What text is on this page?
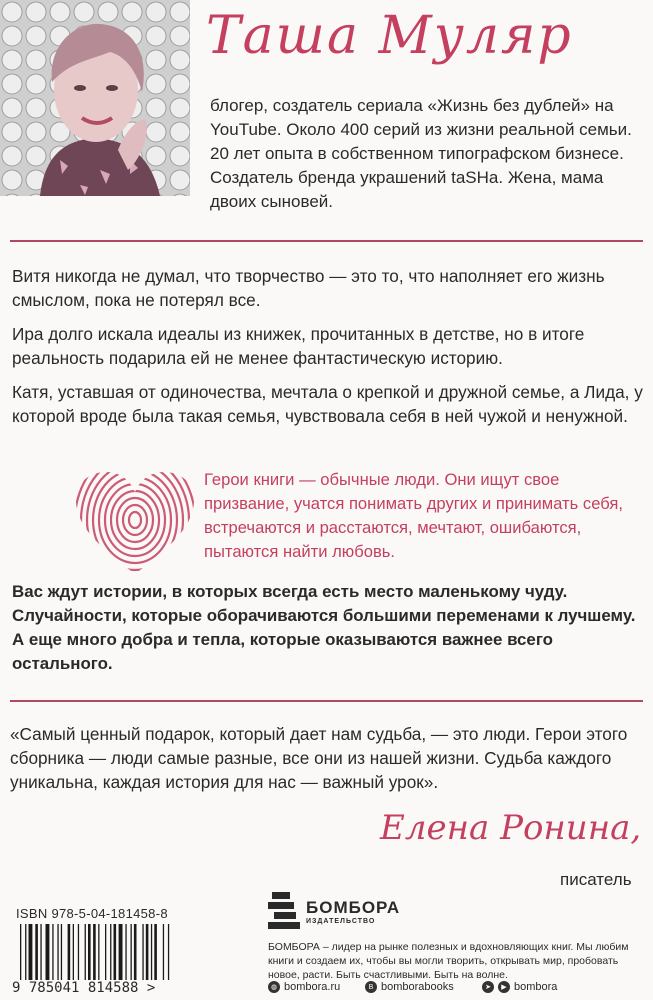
Таша Муляр
блогер, создатель сериала «Жизнь без дублей» на YouTube. Около 400 серий из жизни реальной семьи. 20 лет опыта в собственном типографском бизнесе. Создатель бренда украшений taSHa. Жена, мама двоих сыновей.
Витя никогда не думал, что творчество — это то, что наполняет его жизнь смыслом, пока не потерял все.
Ира долго искала идеалы из книжек, прочитанных в детстве, но в итоге реальность подарила ей не менее фантастическую историю.
Катя, уставшая от одиночества, мечтала о крепкой и дружной семье, а Лида, у которой вроде была такая семья, чувствовала себя в ней чужой и ненужной.
Герои книги — обычные люди. Они ищут свое призвание, учатся понимать других и принимать себя, встречаются и расстаются, мечтают, ошибаются, пытаются найти любовь.
Вас ждут истории, в которых всегда есть место маленькому чуду. Случайности, которые оборачиваются большими переменами к лучшему. А еще много добра и тепла, которые оказываются важнее всего остального.
«Самый ценный подарок, который дает нам судьба, — это люди. Герои этого сборника — люди самые разные, все они из нашей жизни. Судьба каждого уникальна, каждая история для нас — важный урок».
Елена Ронина,
писатель
ISBN 978-5-04-181458-8
9 785041 814588 >
БОМБОРА
ИЗДАТЕЛЬСТВО
БОМБОРА – лидер на рынке полезных и вдохновляющих книг. Мы любим книги и создаем их, чтобы вы могли творить, открывать мир, пробовать новое, расти. Быть счастливыми. Быть на волне.
◍ bombora.ru	В bomborabooks	➤	▶ bombora
